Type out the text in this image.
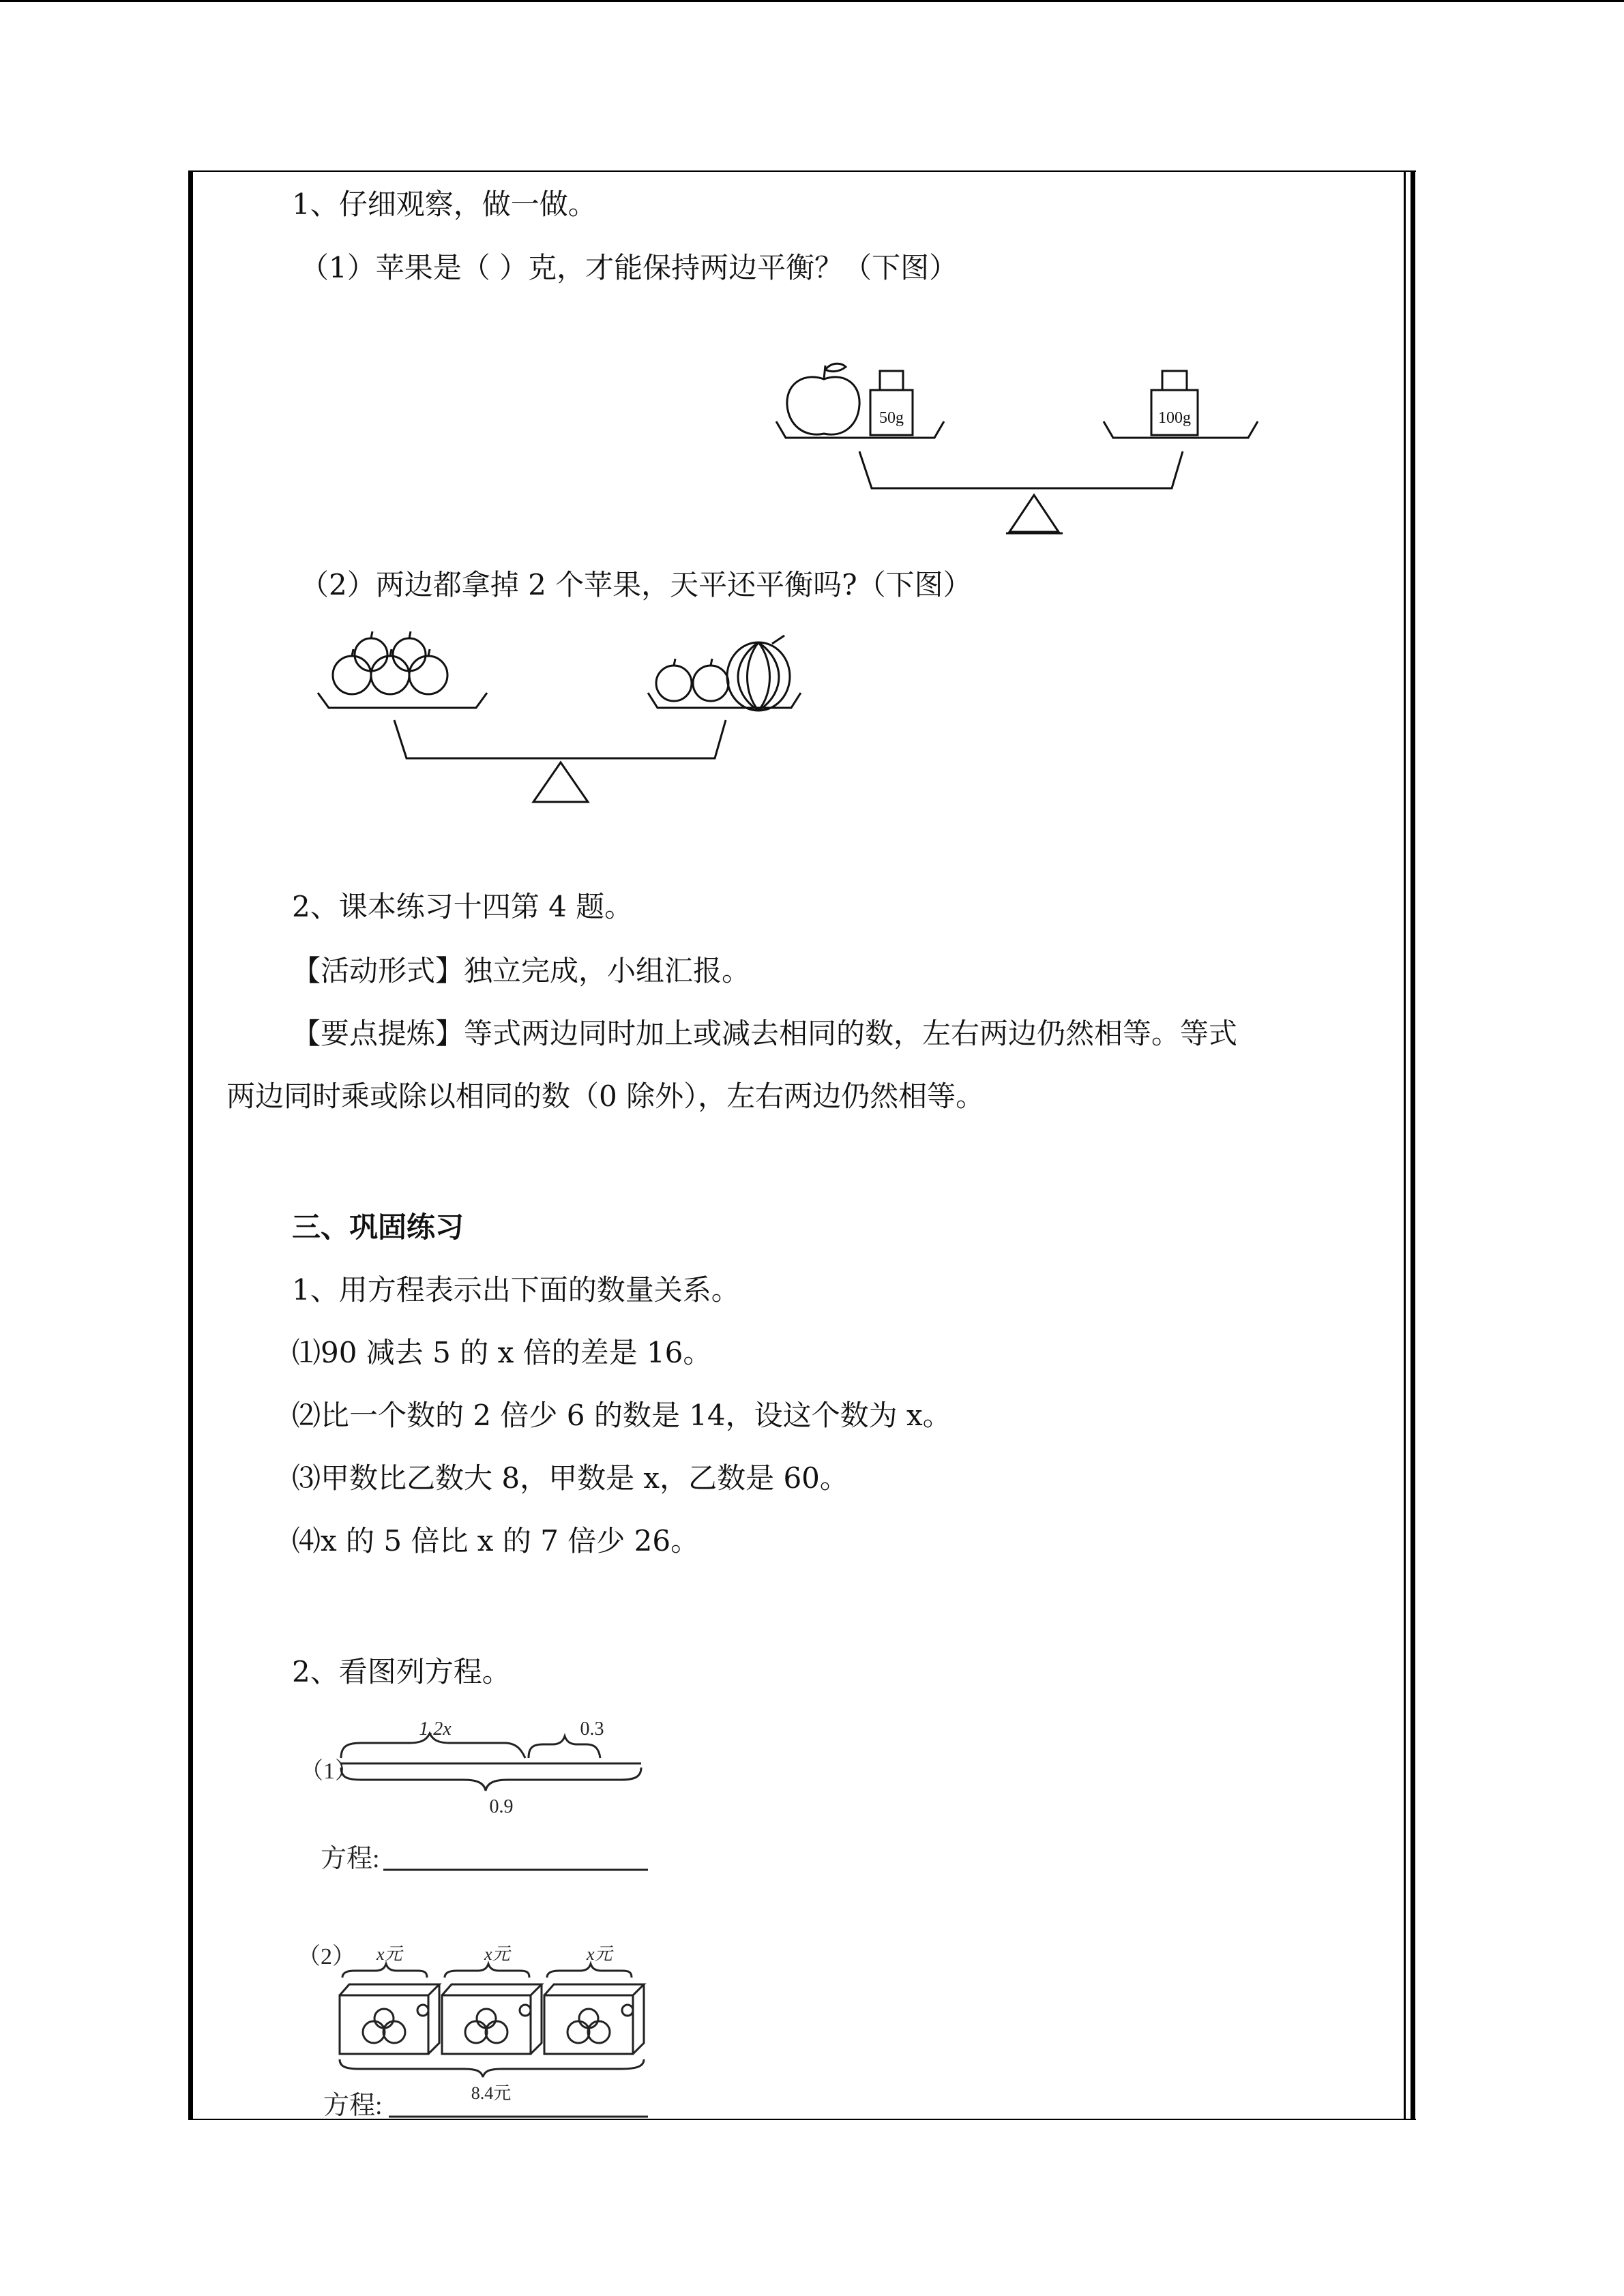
1、仔细观察，做一做。
（1）苹果是（ ）克，才能保持两边平衡？（下图）
50g	100g
（2）两边都拿掉 2 个苹果，天平还平衡吗?（下图）
2、课本练习十四第 4 题。
【活动形式】独立完成，小组汇报。
【要点提炼】等式两边同时加上或减去相同的数，左右两边仍然相等。等式
两边同时乘或除以相同的数（0 除外），左右两边仍然相等。
三、巩固练习
1、用方程表示出下面的数量关系。
⑴90 减去 5 的 x 倍的差是 16。
⑵比一个数的 2 倍少 6 的数是 14，设这个数为 x。
⑶甲数比乙数大 8，甲数是 x，乙数是 60。
⑷x 的 5 倍比 x 的 7 倍少 26。
2、看图列方程。
（1）
1.2x	0.3
0.9
方程:
（2） x元	x元	x元
8.4元
方程:
